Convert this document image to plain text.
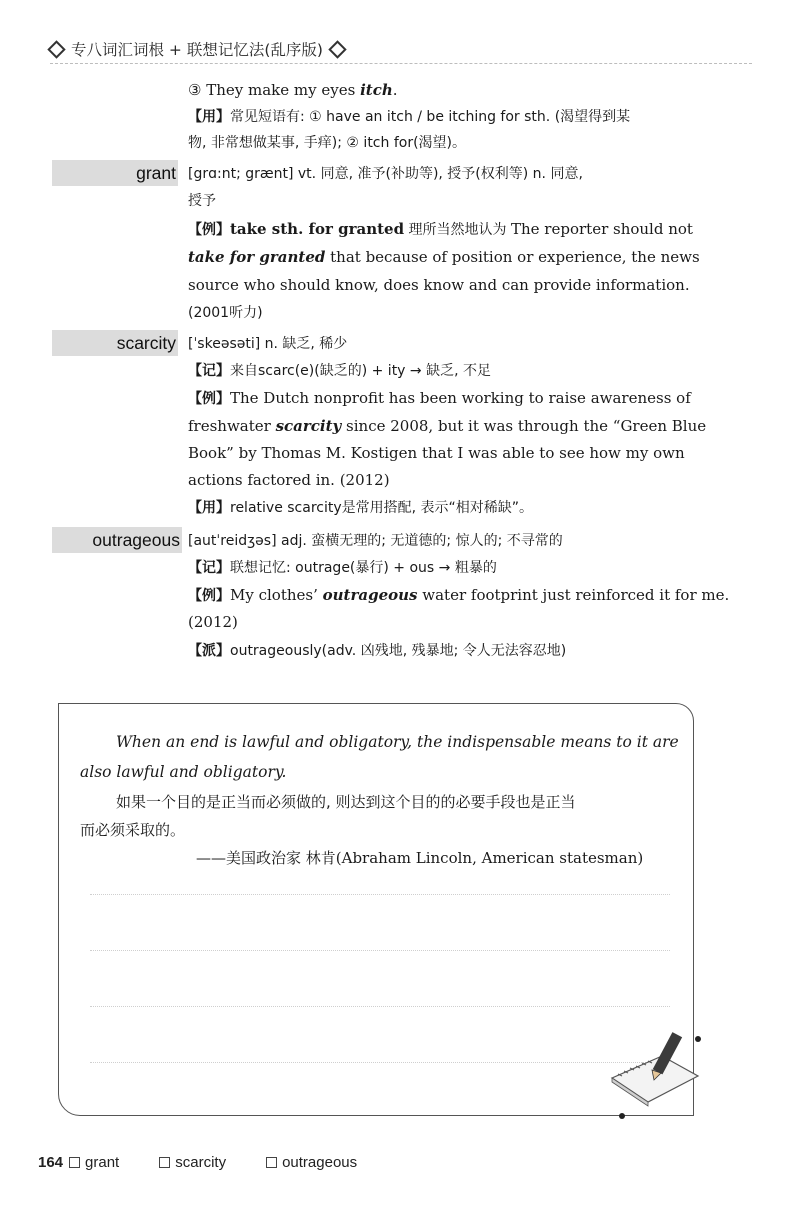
专八词汇词根 + 联想记忆法(乱序版)
③ They make my eyes itch.
【用】常见短语有: ① have an itch / be itching for sth. (渴望得到某
物, 非常想做某事, 手痒); ② itch for(渴望)。
grant [grɑ:nt; grænt] vt. 同意, 准予(补助等), 授予(权利等) n. 同意,
授予
【例】take sth. for granted 理所当然地认为 The reporter should not
take for granted that because of position or experience, the news
source who should know, does know and can provide information.
(2001听力)
scarcity [ˈskeəsəti] n. 缺乏, 稀少
【记】来自scarc(e)(缺乏的) + ity → 缺乏, 不足
【例】The Dutch nonprofit has been working to raise awareness of
freshwater scarcity since 2008, but it was through the “Green Blue
Book” by Thomas M. Kostigen that I was able to see how my own
actions factored in. (2012)
【用】relative scarcity是常用搭配, 表示“相对稀缺”。
outrageous [autˈreidʒəs] adj. 蛮横无理的; 无道德的; 惊人的; 不寻常的
【记】联想记忆: outrage(暴行) + ous → 粗暴的
【例】My clothes’ outrageous water footprint just reinforced it for me.
(2012)
【派】outrageously(adv. 凶残地, 残暴地; 令人无法容忍地)
When an end is lawful and obligatory, the indispensable means to it are
also lawful and obligatory.
如果一个目的是正当而必须做的, 则达到这个目的的必要手段也是正当
而必须采取的。
——美国政治家 林肯(Abraham Lincoln, American statesman)
164 grant	scarcity	outrageous
